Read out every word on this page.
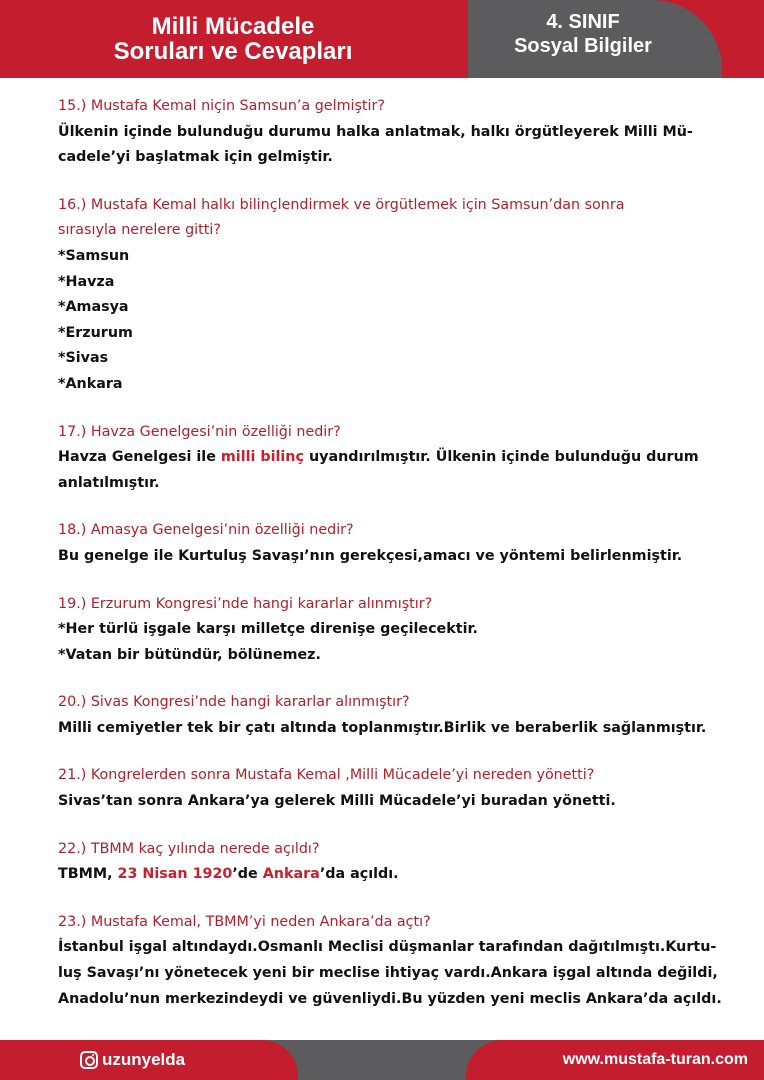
Milli Mücadele
Soruları ve Cevapları
4. SINIF
Sosyal Bilgiler
15.) Mustafa Kemal niçin Samsun’a gelmiştir?
Ülkenin içinde bulunduğu durumu halka anlatmak, halkı örgütleyerek Milli Mü-
cadele’yi başlatmak için gelmiştir.
16.) Mustafa Kemal halkı bilinçlendirmek ve örgütlemek için Samsun’dan sonra
sırasıyla nerelere gitti?
*Samsun
*Havza
*Amasya
*Erzurum
*Sivas
*Ankara
17.) Havza Genelgesi’nin özelliği nedir?
Havza Genelgesi ile milli bilinç uyandırılmıştır. Ülkenin içinde bulunduğu durum
anlatılmıştır.
18.) Amasya Genelgesi’nin özelliği nedir?
Bu genelge ile Kurtuluş Savaşı’nın gerekçesi,amacı ve yöntemi belirlenmiştir.
19.) Erzurum Kongresi’nde hangi kararlar alınmıştır?
*Her türlü işgale karşı milletçe direnişe geçilecektir.
*Vatan bir bütündür, bölünemez.
20.) Sivas Kongresi’nde hangi kararlar alınmıştır?
Milli cemiyetler tek bir çatı altında toplanmıştır.Birlik ve beraberlik sağlanmıştır.
21.) Kongrelerden sonra Mustafa Kemal ,Milli Mücadele’yi nereden yönetti?
Sivas’tan sonra Ankara’ya gelerek Milli Mücadele’yi buradan yönetti.
22.) TBMM kaç yılında nerede açıldı?
TBMM, 23 Nisan 1920’de Ankara’da açıldı.
23.) Mustafa Kemal, TBMM’yi neden Ankara’da açtı?
İstanbul işgal altındaydı.Osmanlı Meclisi düşmanlar tarafından dağıtılmıştı.Kurtu-
luş Savaşı’nı yönetecek yeni bir meclise ihtiyaç vardı.Ankara işgal altında değildi,
Anadolu’nun merkezindeydi ve güvenliydi.Bu yüzden yeni meclis Ankara’da açıldı.
uzunyelda	www.mustafa-turan.com
